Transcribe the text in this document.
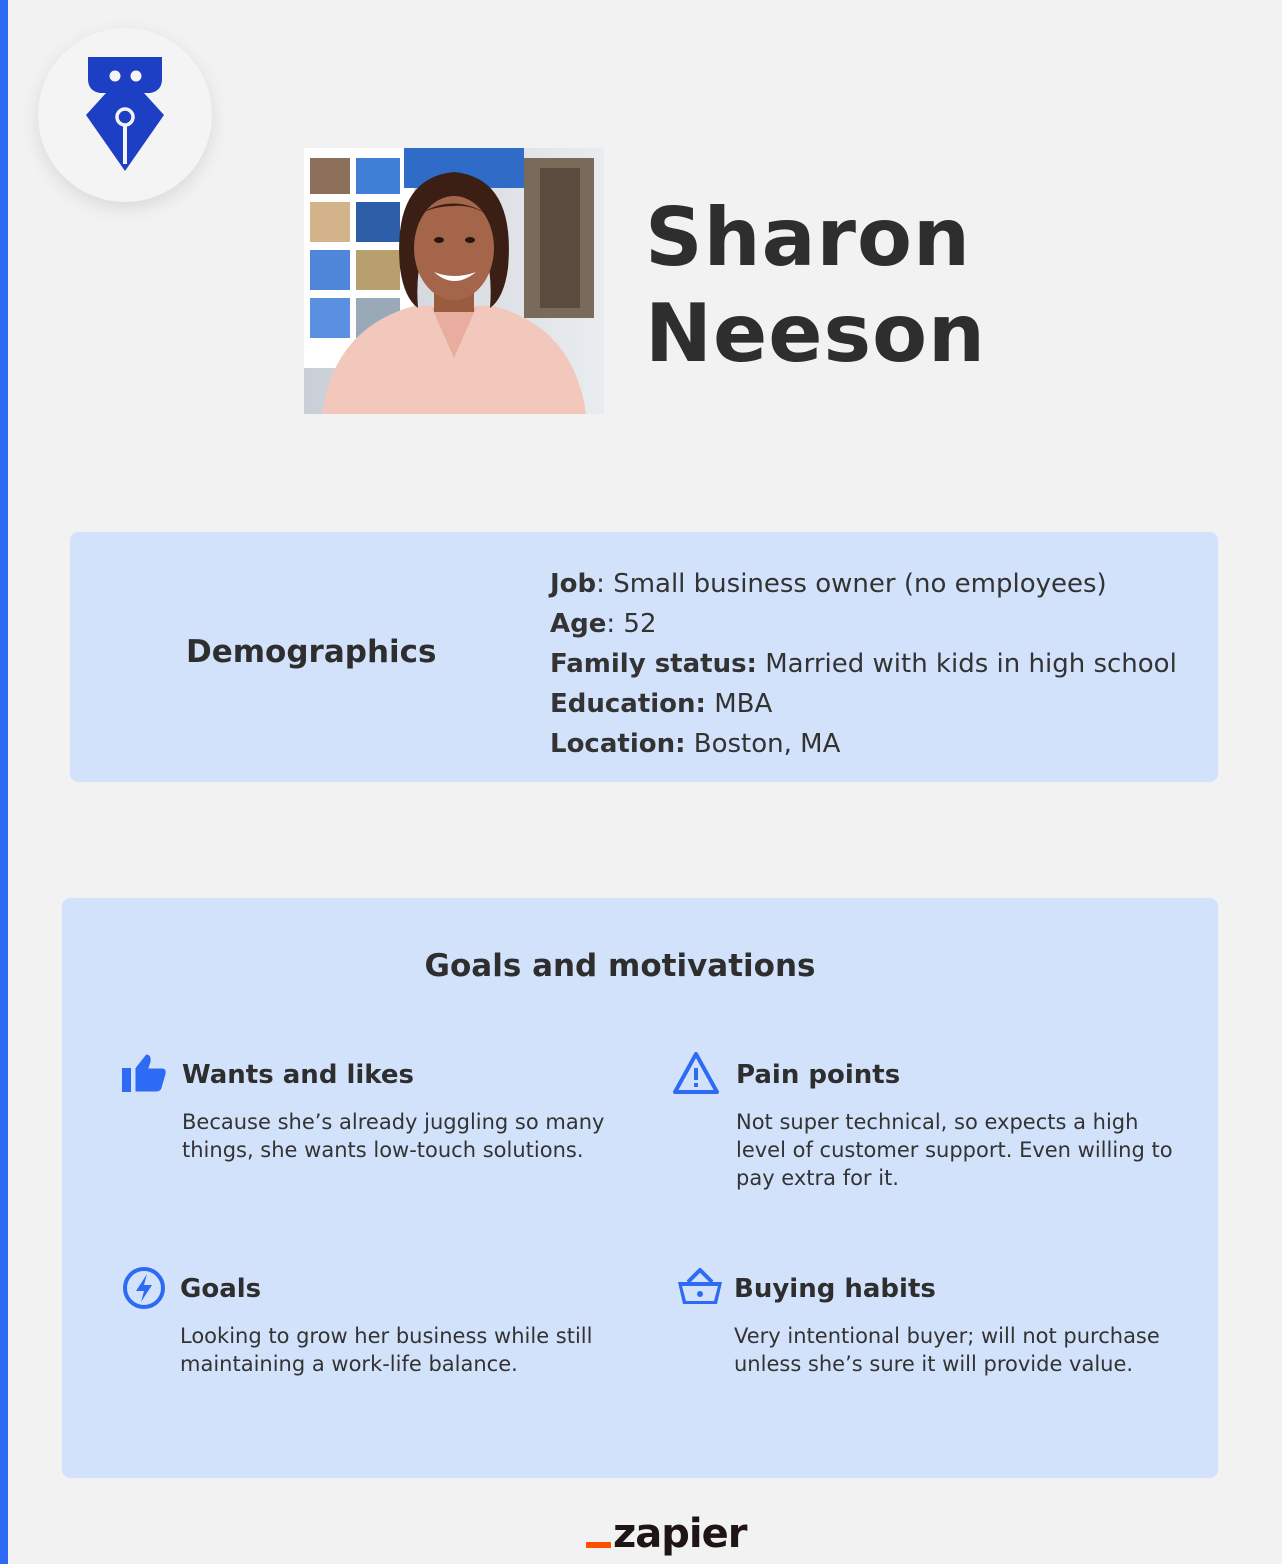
Sharon
Neeson
Demographics
Job: Small business owner (no employees)
Age: 52
Family status: Married with kids in high school
Education: MBA
Location: Boston, MA
Goals and motivations
Wants and likes
Because she’s already juggling so many things, she wants low-touch solutions.
Pain points
Not super technical, so expects a high level of customer support. Even willing to pay extra for it.
Goals
Looking to grow her business while still maintaining a work-life balance.
Buying habits
Very intentional buyer; will not purchase unless she’s sure it will provide value.
zapier
